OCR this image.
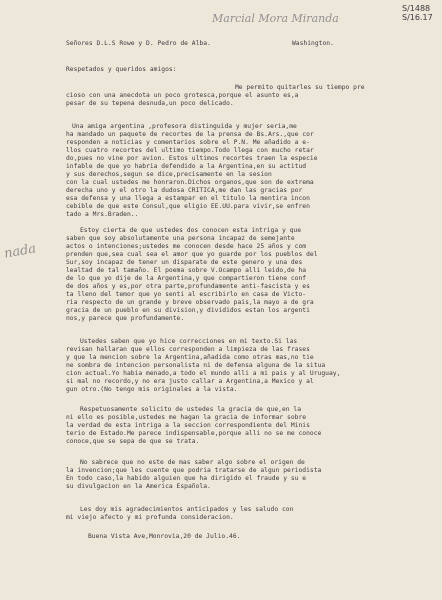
S/1488
S/16.17
Marcial Mora Miranda
nada
Señores D.L.S Rowe y D. Pedro de Alba.	Washington.
Respetados y queridos amigos:
Me permito quitarles su tiempo pre
cioso con una anecdota un poco grotesca,porque el asunto es,a
pesar de su tepena desnuda,un poco delicado.
Una amiga argentina ,profesora distinguida y mujer seria,me
ha mandado un paquete de recortes de la prensa de Bs.Ars.,que cor
responden a noticias y comentarios sobre el P.N. Me añadido a e-
llos cuatro recortes del ultimo tiempo.Todo llega con mucho retar
do,pues no vine por avion. Estos ultimos recortes traen la especie
infable de que yo habria defendido a la Argentina,en su actitud
y sus derechos,segun se dice,precisamente en la sesion
con la cual ustedes me honraron.Dichos organos,que son de extrema
derecha uno y el otro la dudosa CRITICA,me dan las gracias por
esa defensa y una llega a estampar en el titulo la mentira incon
cebible de que este Consul,que eligio EE.UU.para vivir,se enfren
tado a Mrs.Braden..
Estoy cierta de que ustedes dos conocen esta intriga y que
saben que soy absolutamente una persona incapaz de semejante
actos o intenciones;ustedes me conocen desde hace 25 años y com
prenden que,sea cual sea el amor que yo guarde por los pueblos del
Sur,soy incapaz de tener un disparate de este genero y una des
lealtad de tal tamaño. El poema sobre V.Ocampo alli leido,de ha
de lo que yo dije de la Argentina,y que compartieron tiene conf
de dos años y es,por otra parte,profundamente anti-fascista y es
ta lleno del temor que yo senti al escribirlo en casa de Victo-
ria respecto de un grande y breve observado pais,la mayo a de gra
gracia de un pueblo en su division,y divididos estan los argenti
nos,y parece que profundamente.
Ustedes saben que yo hice correcciones en mi texto.Si las
revisan hallaran que ellos corresponden a limpieza de las frases
y que la mencion sobre la Argentina,añadida como otras mas,no tie
ne sombra de intencion personalista ni de defensa alguna de la situa
cion actual.Yo habia menado,a todo el mundo alli a mi pais y al Uruguay,
si mal no recordo,y no era justo callar a Argentina,a Mexico y al
gun otro.(No tengo mis originales a la vista.
Respetuosamente solicito de ustedes la gracia de que,en la
ni ello es posible,ustedes me hagan la gracia de informar sobre
la verdad de esta intriga a la seccion correspondiente del Minis
terio de Estado.Me parece indispensable,porque alli no se me conoce
conoce,que se sepa de que se trata.
No sabrece que no este de mas saber algo sobre el origen de
la invencion;que les cuente que podria tratarse de algun periodista
En todo caso,la habido alguien que ha dirigido el fraude y su e
su divulgacion en la America Española.
Les doy mis agradecimientos anticipados y les saludo con
mi viejo afecto y mi profunda consideracion.
Buena Vista Ave,Monrovia,20 de Julio.46.
